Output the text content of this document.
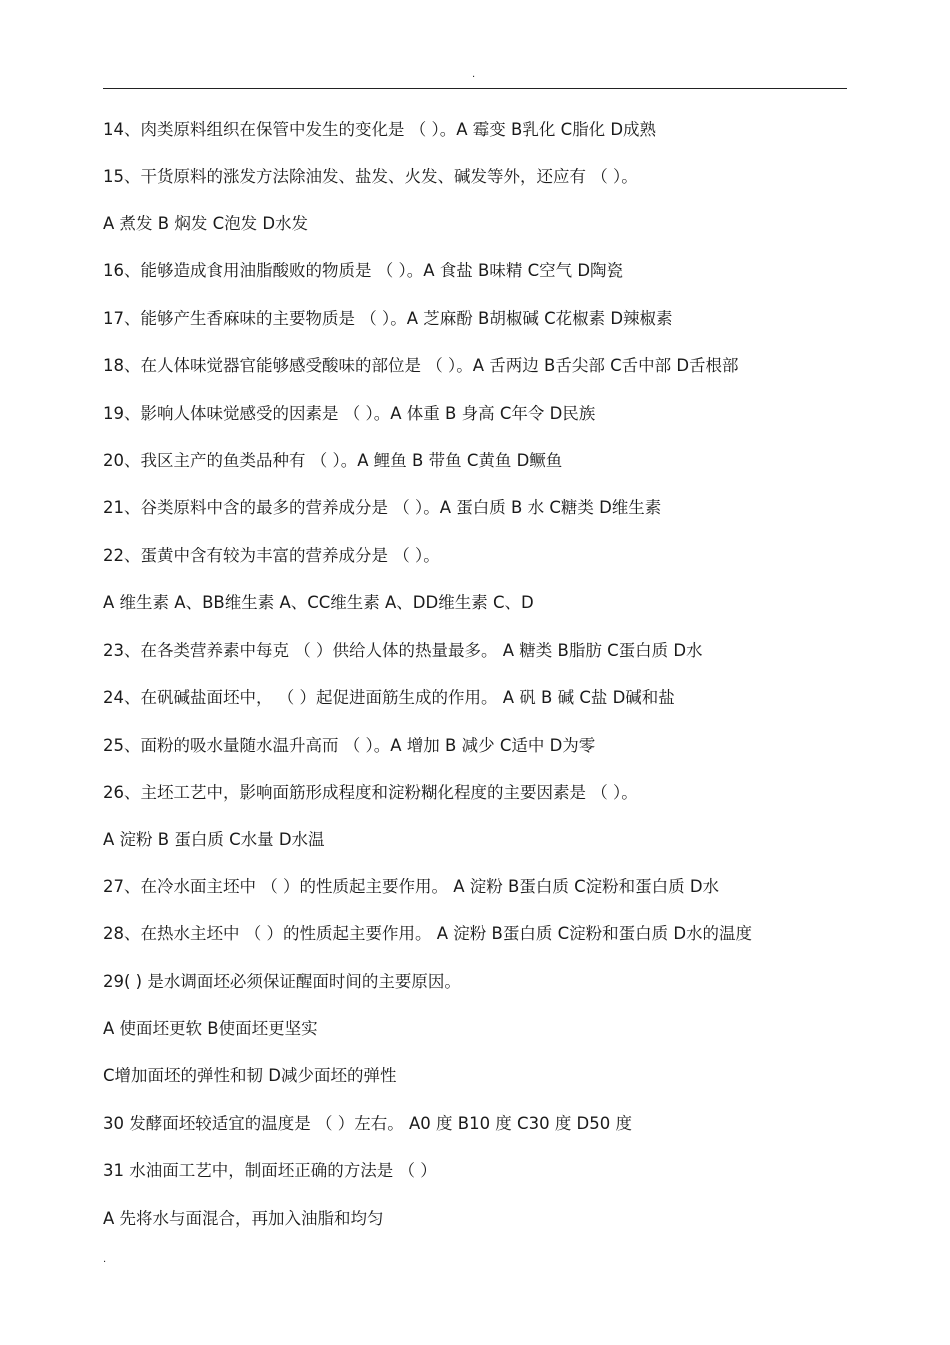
.
14、肉类原料组织在保管中发生的变化是 （ ）。A 霉变 B乳化 C脂化 D成熟
15、干货原料的涨发方法除油发、盐发、火发、碱发等外，还应有 （ ）。
A 煮发 B 焖发 C泡发 D水发
16、能够造成食用油脂酸败的物质是 （ ）。A 食盐 B味精 C空气 D陶瓷
17、能够产生香麻味的主要物质是 （ ）。A 芝麻酚 B胡椒碱 C花椒素 D辣椒素
18、在人体味觉器官能够感受酸味的部位是 （ ）。A 舌两边 B舌尖部 C舌中部 D舌根部
19、影响人体味觉感受的因素是 （ ）。A 体重 B 身高 C年令 D民族
20、我区主产的鱼类品种有 （ ）。A 鲤鱼 B 带鱼 C黄鱼 D鳜鱼
21、谷类原料中含的最多的营养成分是 （ ）。A 蛋白质 B 水 C糖类 D维生素
22、蛋黄中含有较为丰富的营养成分是 （ ）。
A 维生素 A、BB维生素 A、CC维生素 A、DD维生素 C、D
23、在各类营养素中每克 （ ）供给人体的热量最多。 A 糖类 B脂肪 C蛋白质 D水
24、在矾碱盐面坯中， （ ）起促进面筋生成的作用。 A 矾 B 碱 C盐 D碱和盐
25、面粉的吸水量随水温升高而 （ ）。A 增加 B 减少 C适中 D为零
26、主坯工艺中，影响面筋形成程度和淀粉糊化程度的主要因素是 （ ）。
A 淀粉 B 蛋白质 C水量 D水温
27、在冷水面主坯中 （ ）的性质起主要作用。 A 淀粉 B蛋白质 C淀粉和蛋白质 D水
28、在热水主坯中 （ ）的性质起主要作用。 A 淀粉 B蛋白质 C淀粉和蛋白质 D水的温度
29( ) 是水调面坯必须保证醒面时间的主要原因。
A 使面坯更软 B使面坯更坚实
C增加面坯的弹性和韧 D减少面坯的弹性
30 发酵面坯较适宜的温度是 （ ）左右。 A0 度 B10 度 C30 度 D50 度
31 水油面工艺中，制面坯正确的方法是 （ ）
A 先将水与面混合，再加入油脂和均匀
.
